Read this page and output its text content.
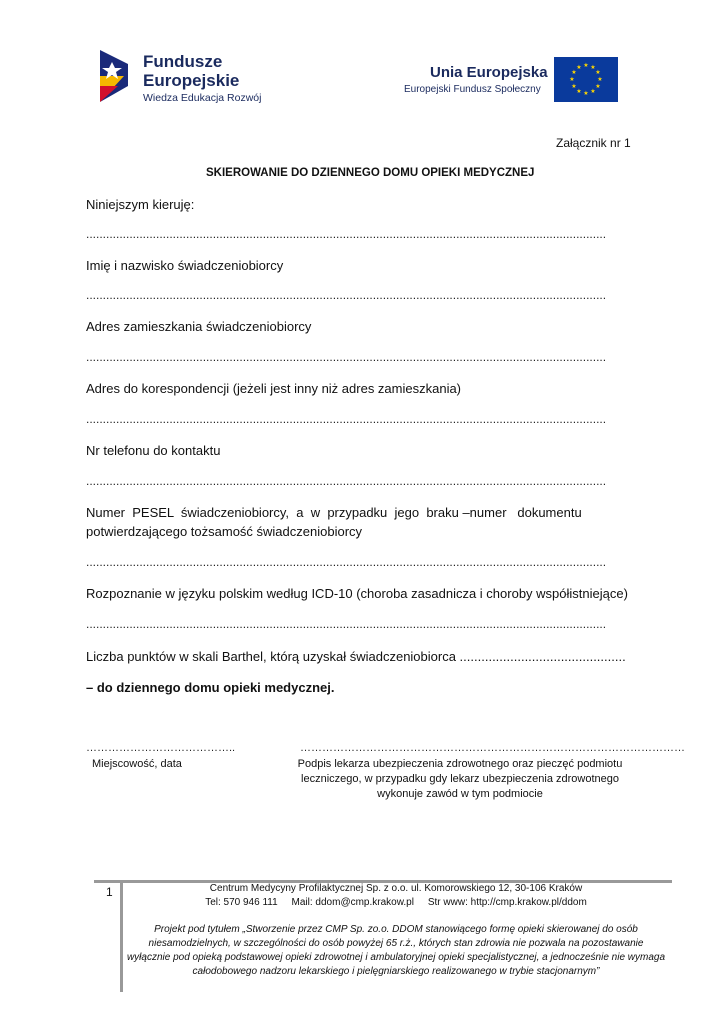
Fundusze
Europejskie
Wiedza Edukacja Rozwój
Unia Europejska
Europejski Fundusz Społeczny
★ ★
★
★
★
★
★
★
★
★
★
★
Załącznik nr 1
SKIEROWANIE DO DZIENNEGO DOMU OPIEKI MEDYCZNEJ
Niniejszym kieruję:
............................................................................................................................................................
Imię i nazwisko świadczeniobiorcy
............................................................................................................................................................
Adres zamieszkania świadczeniobiorcy
............................................................................................................................................................
Adres do korespondencji (jeżeli jest inny niż adres zamieszkania)
............................................................................................................................................................
Nr telefonu do kontaktu
............................................................................................................................................................
Numer  PESEL  świadczeniobiorcy,  a  w  przypadku  jego  braku –numer   dokumentu
potwierdzającego tożsamość świadczeniobiorcy
............................................................................................................................................................
Rozpoznanie w języku polskim według ICD-10 (choroba zasadnicza i choroby współistniejące)
............................................................................................................................................................
Liczba punktów w skali Barthel, którą uzyskał świadczeniobiorca ..............................................
– do dziennego domu opieki medycznej.
…………………………………..	……………………………………………………………………………………………
Miejscowość, data	Podpis lekarza ubezpieczenia zdrowotnego oraz pieczęć podmiotu
leczniczego, w przypadku gdy lekarz ubezpieczenia zdrowotnego
wykonuje zawód w tym podmiocie
1	Centrum Medycyny Profilaktycznej Sp. z o.o. ul. Komorowskiego 12, 30-106 Kraków
Tel: 570 946 111     Mail: ddom@cmp.krakow.pl     Str www: http://cmp.krakow.pl/ddom
Projekt pod tytułem „Stworzenie przez CMP Sp. zo.o. DDOM stanowiącego formę opieki skierowanej do osób
niesamodzielnych, w szczególności do osób powyżej 65 r.ż., których stan zdrowia nie pozwala na pozostawanie
wyłącznie pod opieką podstawowej opieki zdrowotnej i ambulatoryjnej opieki specjalistycznej, a jednocześnie nie wymaga
całodobowego nadzoru lekarskiego i pielęgniarskiego realizowanego w trybie stacjonarnym”
